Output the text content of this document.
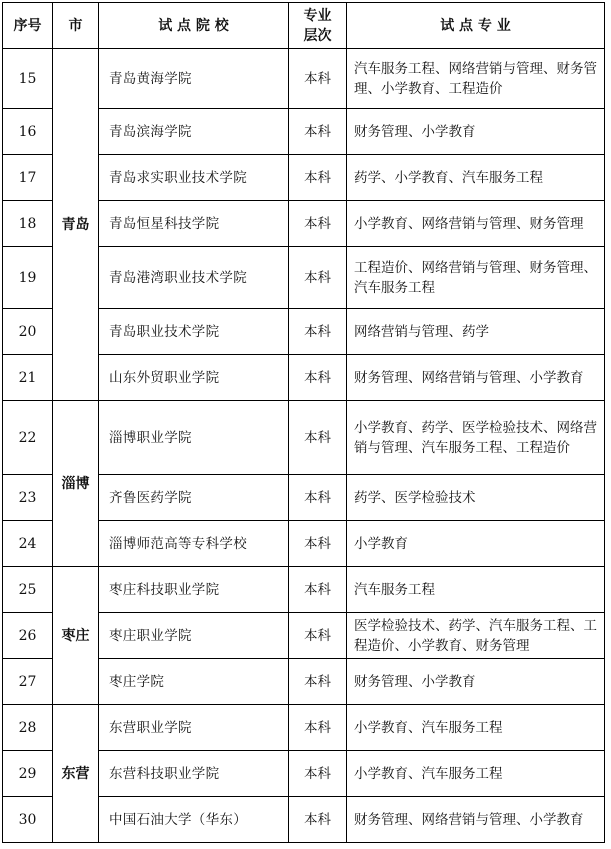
序号	市	试 点 院 校	专业层次	试 点 专 业
15	青岛	青岛黄海学院	本科	汽车服务工程、网络营销与管理、财务管理、小学教育、工程造价
16		青岛滨海学院	本科	财务管理、小学教育
17		青岛求实职业技术学院	本科	药学、小学教育、汽车服务工程
18		青岛恒星科技学院	本科	小学教育、网络营销与管理、财务管理
19		青岛港湾职业技术学院	本科	工程造价、网络营销与管理、财务管理、汽车服务工程
20		青岛职业技术学院	本科	网络营销与管理、药学
21		山东外贸职业学院	本科	财务管理、网络营销与管理、小学教育
22	淄博	淄博职业学院	本科	小学教育、药学、医学检验技术、网络营销与管理、汽车服务工程、工程造价
23		齐鲁医药学院	本科	药学、医学检验技术
24		淄博师范高等专科学校	本科	小学教育
25	枣庄	枣庄科技职业学院	本科	汽车服务工程
26		枣庄职业学院	本科	医学检验技术、药学、汽车服务工程、工程造价、小学教育、财务管理
27		枣庄学院	本科	财务管理、小学教育
28	东营	东营职业学院	本科	小学教育、汽车服务工程
29		东营科技职业学院	本科	小学教育、汽车服务工程
30		中国石油大学（华东）	本科	财务管理、网络营销与管理、小学教育
